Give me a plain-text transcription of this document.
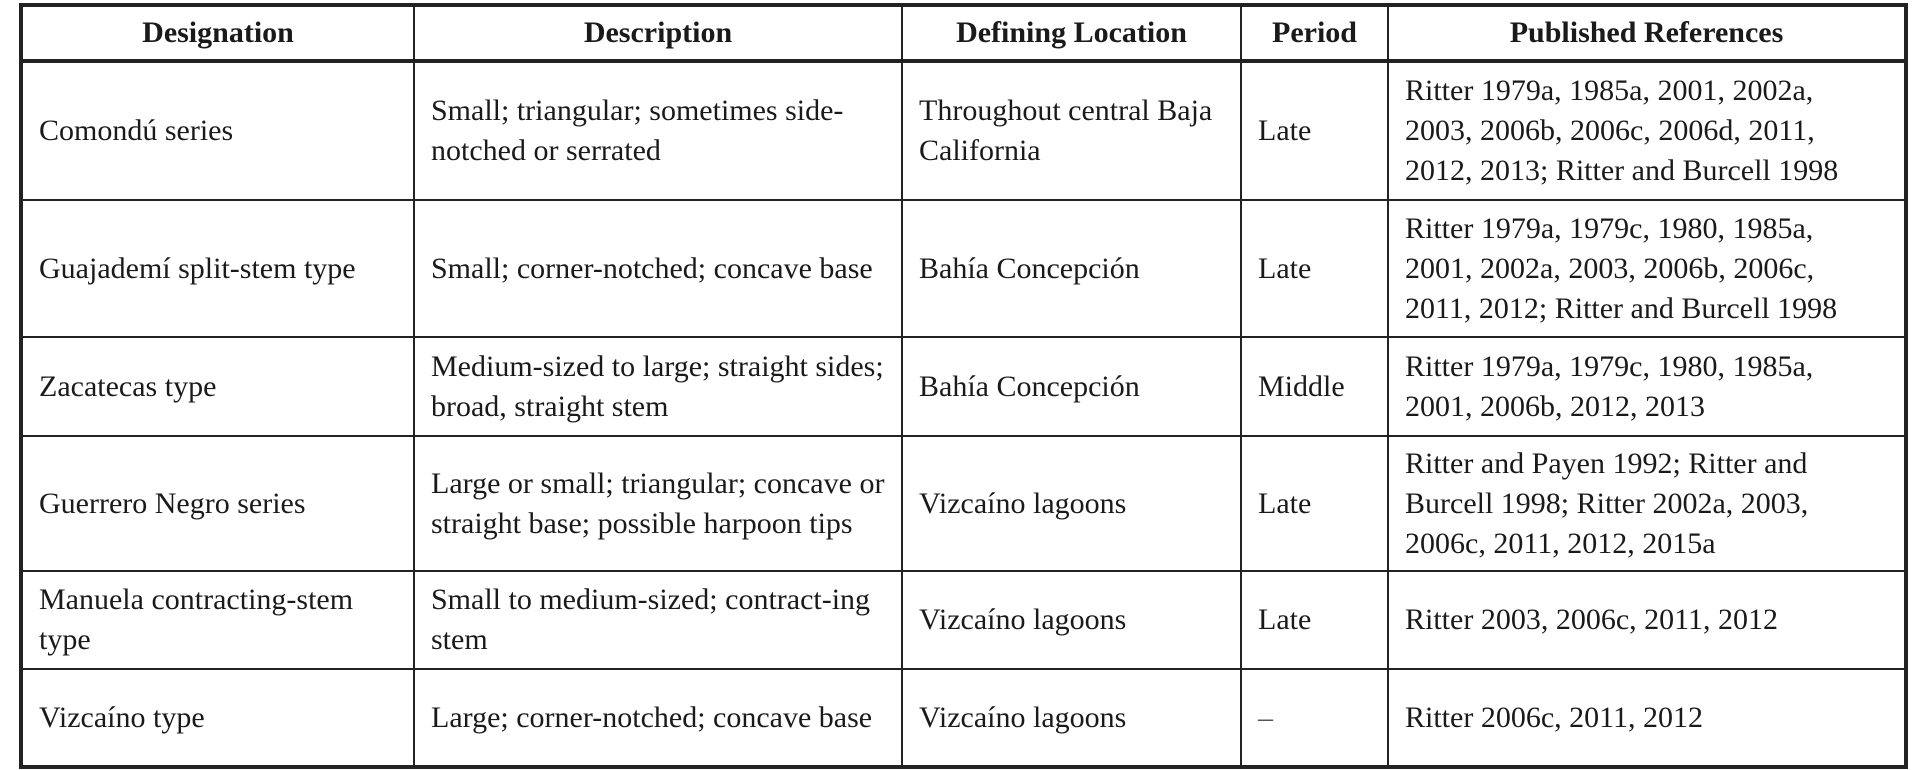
Designation	Description	Defining Location	Period	Published References
Comondú series	Small; triangular; sometimes side-notched or serrated	Throughout central Baja California	Late	Ritter 1979a, 1985a, 2001, 2002a, 2003, 2006b, 2006c, 2006d, 2011, 2012, 2013; Ritter and Burcell 1998
Guajademí split-stem type	Small; corner-notched; concave base	Bahía Concepción	Late	Ritter 1979a, 1979c, 1980, 1985a, 2001, 2002a, 2003, 2006b, 2006c, 2011, 2012; Ritter and Burcell 1998
Zacatecas type	Medium-sized to large; straight sides; broad, straight stem	Bahía Concepción	Middle	Ritter 1979a, 1979c, 1980, 1985a, 2001, 2006b, 2012, 2013
Guerrero Negro series	Large or small; triangular; concave or straight base; possible harpoon tips	Vizcaíno lagoons	Late	Ritter and Payen 1992; Ritter and Burcell 1998; Ritter 2002a, 2003, 2006c, 2011, 2012, 2015a
Manuela contracting-stem type	Small to medium-sized; contract-ing stem	Vizcaíno lagoons	Late	Ritter 2003, 2006c, 2011, 2012
Vizcaíno type	Large; corner-notched; concave base	Vizcaíno lagoons	–	Ritter 2006c, 2011, 2012
